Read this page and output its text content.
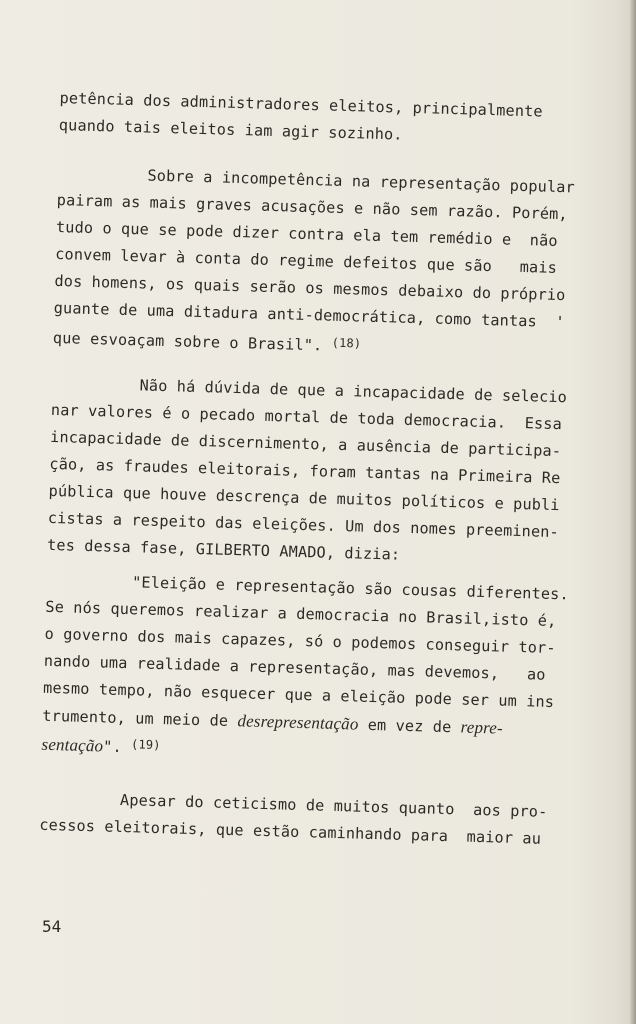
petência dos administradores eleitos, principalmente
quando tais eleitos iam agir sozinho.
Sobre a incompetência na representação popular
pairam as mais graves acusações e não sem razão. Porém,
tudo o que se pode dizer contra ela tem remédio e  não
convem levar à conta do regime defeitos que são   mais
dos homens, os quais serão os mesmos debaixo do próprio
guante de uma ditadura anti-democrática, como tantas  '
que esvoaçam sobre o Brasil". $^{(18)}$
Não há dúvida de que a incapacidade de selecio
nar valores é o pecado mortal de toda democracia.  Essa
incapacidade de discernimento, a ausência de participa-
ção, as fraudes eleitorais, foram tantas na Primeira Re
pública que houve descrença de muitos políticos e publi
cistas a respeito das eleições. Um dos nomes preeminen-
tes dessa fase, GILBERTO AMADO, dizia:
"Eleição e representação são cousas diferentes.
Se nós queremos realizar a democracia no Brasil,isto é,
o governo dos mais capazes, só o podemos conseguir tor-
nando uma realidade a representação, mas devemos,   ao
mesmo tempo, não esquecer que a eleição pode ser um ins
trumento, um meio de desrepresentação em vez de repre-
sentação". $^{(19)}$
Apesar do ceticismo de muitos quanto  aos pro-
cessos eleitorais, que estão caminhando para  maior au
54
